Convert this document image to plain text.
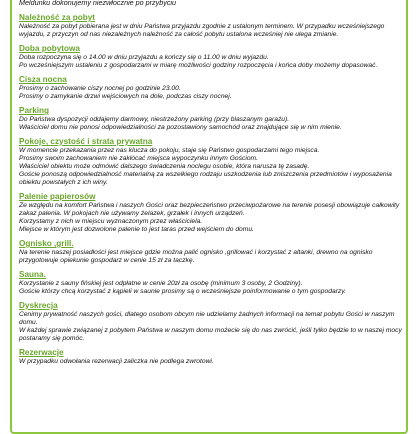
Meldunku dokonujemy niezwłocznie po przybyciu

Należność za pobyt

Należność za pobyt pobierana jest w dniu Państwa przyjazdu zgodnie z ustalonym terminem. W przypadku wcześniejszego wyjazdu, z przyczyn od nas niezależnych należność za całość pobytu ustalona wcześniej nie ulega zmianie.

Doba pobytowa

Doba rozpoczyna się o 14.00 w dniu przyjazdu a kończy się o 11.00 w dniu wyjazdu.

Po wcześniejszym ustaleniu z gospodarzami w miarę możliwości godziny rozpoczęcia i końca doby możemy dopasować.

Cisza nocna

Prosimy o zachowanie ciszy nocnej po godzinie 23.00.

Prosimy o zamykanie drzwi wejściowych na dole, podczas ciszy nocnej.

Parking

Do Państwa dyspozycji oddajemy darmowy, niestrzeżony parking (przy blaszanym garażu).

Właściciel domu nie ponosi odpowiedzialności za pozostawiony samochód oraz znajdujące się w nim mienie.

Pokoje, czystość i strata prywatna

W momencie przekazania przez nas klucza do pokoju, staje się Państwo gospodarzami tego miejsca.

Prosimy swoim zachowaniem nie zakłócać miejsca wypoczynku innym Gościom.

Właściciel obiektu może odmówić dalszego świadczenia noclegu osobie, która narusza tę zasadę.

Goście ponoszą odpowiedzialność materialną za wszelkiego rodzaju uszkodzenia lub zniszczenia przedmiotów i wyposażenia obiektu powstałych z ich winy.

Palenie papierosów

Ze względu na komfort Państwa i naszych Gości oraz bezpieczeństwo przeciwpożarowe na terenie posesji obowiązuje całkowity zakaz palenia. W pokojach nie używamy żelazek, grzałek i innych urządzeń.

Korzystamy z nich w miejscu wyznaczonym przez właściciela.

Miejsce w którym jest dozwolone palenie to jest taras przed wejściem do domu.

Ognisko ,grill.

Na terenie naszej posiadłości jest miejsce gdzie można palić ognisko ,grillować i korzystać z altanki, drewno na ognisko przygotowuje opiekunie gospodarz w cenie 15 zł za taczkę.

Sauna.

Korzystanie z sauny fińskiej jest odpłatne w cenie 20zł za osobę (minimum 3 osoby, 2 Godziny).

Goście którzy chcą korzystać z kąpieli w saunie prosimy są o wcześniejsze poinformowanie o tym gospodarzy.

Dyskrecja

Cenimy prywatność naszych gości, dlatego osobom obcym nie udzielamy żadnych informacji na temat pobytu Gości w naszym domu.

W każdej sprawie związanej z pobytem Państwa w naszym domu możecie się do nas zwrócić, jeśli tylko będzie to w naszej mocy postaramy się pomóc.

Rezerwacje

W przypadku odwołania rezerwacji zaliczka nie podlega zwrotowi.
